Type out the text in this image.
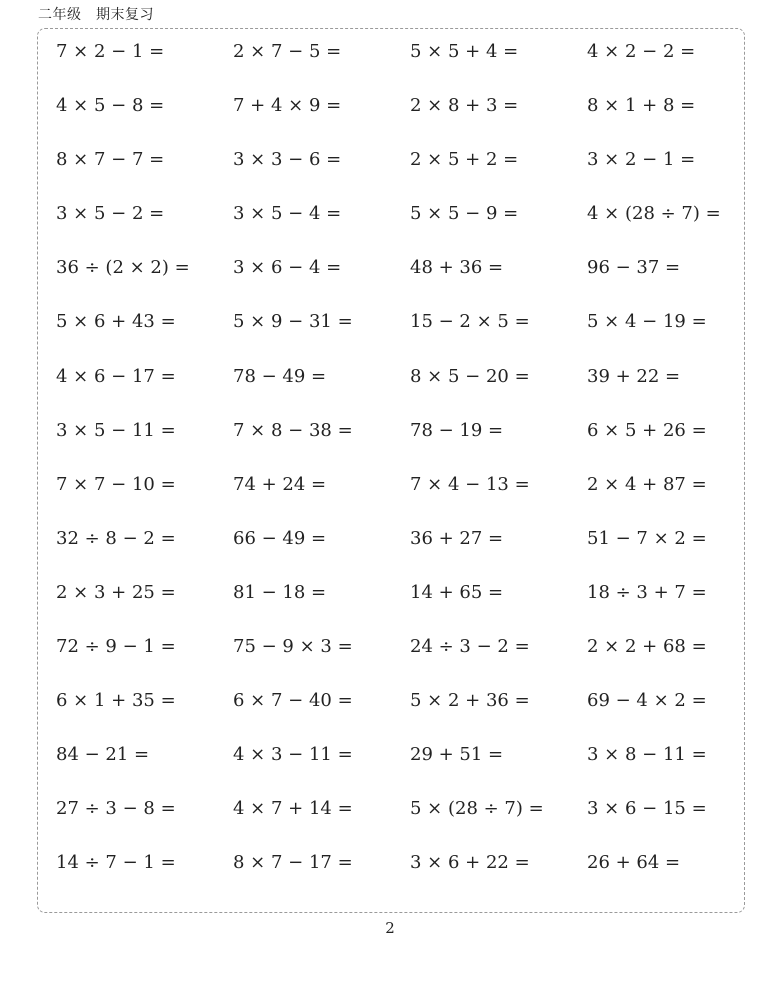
二年级　期末复习
7 × 2 − 1 =	2 × 7 − 5 =	5 × 5 + 4 =	4 × 2 − 2 =
4 × 5 − 8 =	7 + 4 × 9 =	2 × 8 + 3 =	8 × 1 + 8 =
8 × 7 − 7 =	3 × 3 − 6 =	2 × 5 + 2 =	3 × 2 − 1 =
3 × 5 − 2 =	3 × 5 − 4 =	5 × 5 − 9 =	4 × (28 ÷ 7) =
36 ÷ (2 × 2) =	3 × 6 − 4 =	48 + 36 =	96 − 37 =
5 × 6 + 43 =	5 × 9 − 31 =	15 − 2 × 5 =	5 × 4 − 19 =
4 × 6 − 17 =	78 − 49 =	8 × 5 − 20 =	39 + 22 =
3 × 5 − 11 =	7 × 8 − 38 =	78 − 19 =	6 × 5 + 26 =
7 × 7 − 10 =	74 + 24 =	7 × 4 − 13 =	2 × 4 + 87 =
32 ÷ 8 − 2 =	66 − 49 =	36 + 27 =	51 − 7 × 2 =
2 × 3 + 25 =	81 − 18 =	14 + 65 =	18 ÷ 3 + 7 =
72 ÷ 9 − 1 =	75 − 9 × 3 =	24 ÷ 3 − 2 =	2 × 2 + 68 =
6 × 1 + 35 =	6 × 7 − 40 =	5 × 2 + 36 =	69 − 4 × 2 =
84 − 21 =	4 × 3 − 11 =	29 + 51 =	3 × 8 − 11 =
27 ÷ 3 − 8 =	4 × 7 + 14 =	5 × (28 ÷ 7) =	3 × 6 − 15 =
14 ÷ 7 − 1 =	8 × 7 − 17 =	3 × 6 + 22 =	26 + 64 =
2
